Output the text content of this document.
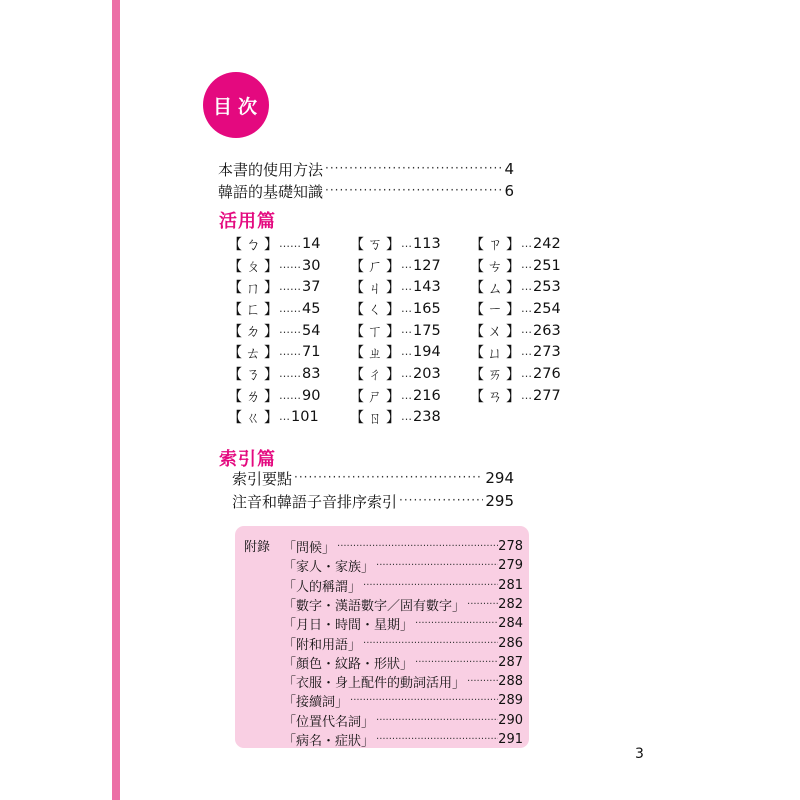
目次
本書的使用方法 ·····	4
韓語的基礎知識 ·····	6
活用篇
【 ㄅ 】 …… 14
【 ㄆ 】 …… 30
【 ㄇ 】 …… 37
【 ㄈ 】 …… 45
【 ㄉ 】 …… 54
【 ㄊ 】 …… 71
【 ㄋ 】 …… 83
【 ㄌ 】 …… 90
【 ㄍ 】 … 101
【 ㄎ 】 … 113
【 ㄏ 】 … 127
【 ㄐ 】 … 143
【 ㄑ 】 … 165
【 ㄒ 】 … 175
【 ㄓ 】 … 194
【 ㄔ 】 … 203
【 ㄕ 】 … 216
【 ㄖ 】 … 238
【 ㄗ 】 … 242
【 ㄘ 】 … 251
【 ㄙ 】 … 253
【 ㄧ 】 … 254
【 ㄨ 】 … 263
【 ㄩ 】 … 273
【 ㄞ 】 … 276
【 ㄢ 】 … 277
索引篇
索引要點 ·····	294
注音和韓語子音排序索引 ·····	295
附錄 「問候」 ·····	278
「家人・家族」 ·····	279
「人的稱謂」 ·····	281
「數字・漢語數字／固有數字」 ·····	282
「月日・時間・星期」 ·····	284
「附和用語」 ·····	286
「顏色・紋路・形狀」 ·····	287
「衣服・身上配件的動詞活用」 ·····	288
「接續詞」 ·····	289
「位置代名詞」 ·····	290
「病名・症狀」 ·····	291
3
